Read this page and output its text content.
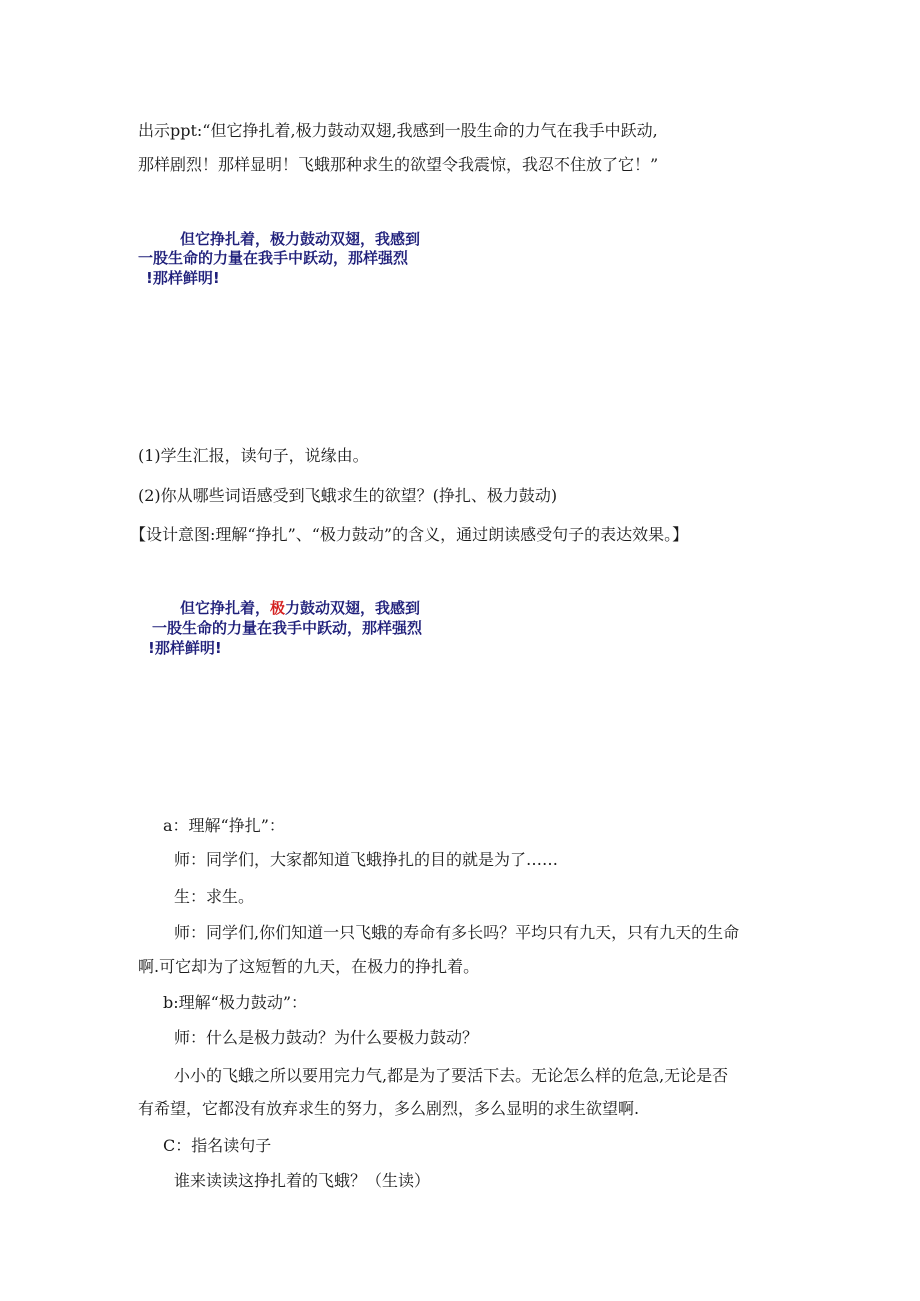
出示ppt:“但它挣扎着,极力鼓动双翅,我感到一股生命的力气在我手中跃动,
那样剧烈！那样显明！飞蛾那种求生的欲望令我震惊，我忍不住放了它！”
但它挣扎着，极力鼓动双翅，我感到
一股生命的力量在我手中跃动，那样强烈
!那样鲜明!
(1)学生汇报，读句子，说缘由。
(2)你从哪些词语感受到飞蛾求生的欲望？(挣扎、极力鼓动)
【设计意图:理解“挣扎”、“极力鼓动”的含义，通过朗读感受句子的表达效果。】
但它挣扎着，极力鼓动双翅，我感到
一股生命的力量在我手中跃动，那样强烈
!那样鲜明!
a：理解“挣扎”：
师：同学们，大家都知道飞蛾挣扎的目的就是为了……
生：求生。
师：同学们,你们知道一只飞蛾的寿命有多长吗？平均只有九天，只有九天的生命
啊.可它却为了这短暂的九天，在极力的挣扎着。
b:理解“极力鼓动”：
师：什么是极力鼓动？为什么要极力鼓动？
小小的飞蛾之所以要用完力气,都是为了要活下去。无论怎么样的危急,无论是否
有希望，它都没有放弃求生的努力，多么剧烈，多么显明的求生欲望啊.
C：指名读句子
谁来读读这挣扎着的飞蛾？（生读）
